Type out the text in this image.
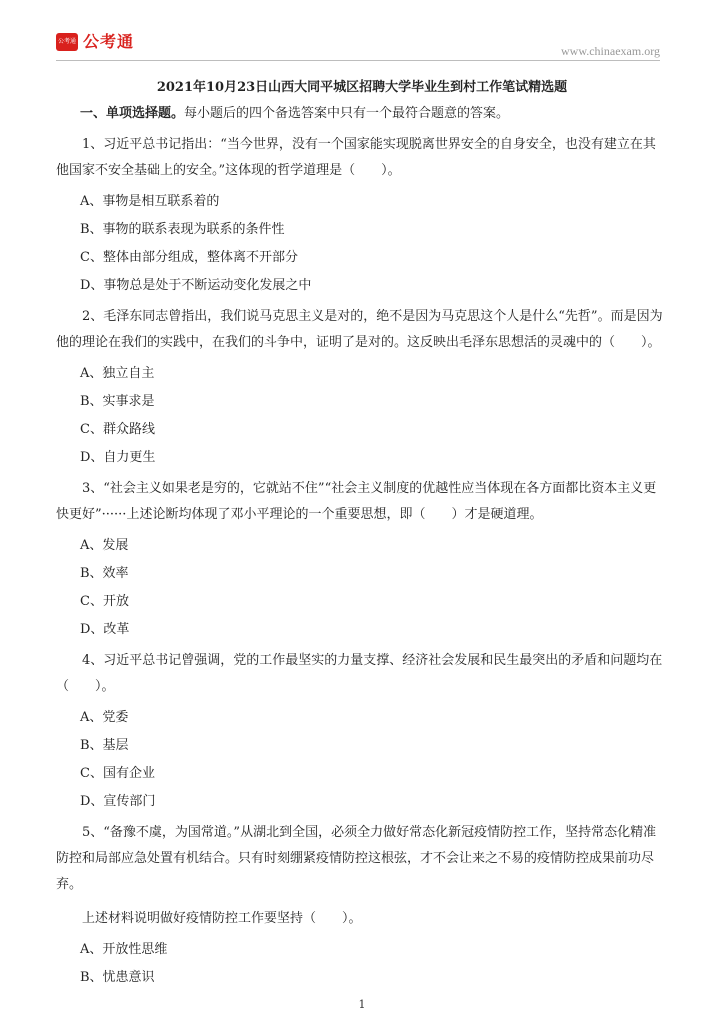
公考通 公考通	www.chinaexam.org
2021年10月23日山西大同平城区招聘大学毕业生到村工作笔试精选题
一、单项选择题。每小题后的四个备选答案中只有一个最符合题意的答案。

1、习近平总书记指出：“当今世界，没有一个国家能实现脱离世界安全的自身安全，也没有建立在其他国家不安全基础上的安全。”这体现的哲学道理是（　　）。

A、事物是相互联系着的

B、事物的联系表现为联系的条件性

C、整体由部分组成，整体离不开部分

D、事物总是处于不断运动变化发展之中

2、毛泽东同志曾指出，我们说马克思主义是对的，绝不是因为马克思这个人是什么“先哲”。而是因为他的理论在我们的实践中，在我们的斗争中，证明了是对的。这反映出毛泽东思想活的灵魂中的（　　）。

A、独立自主

B、实事求是

C、群众路线

D、自力更生

3、“社会主义如果老是穷的，它就站不住”“社会主义制度的优越性应当体现在各方面都比资本主义更快更好”······上述论断均体现了邓小平理论的一个重要思想，即（　　）才是硬道理。

A、发展

B、效率

C、开放

D、改革

4、习近平总书记曾强调，党的工作最坚实的力量支撑、经济社会发展和民生最突出的矛盾和问题均在（　　）。

A、党委

B、基层

C、国有企业

D、宣传部门

5、“备豫不虞，为国常道。”从湖北到全国，必须全力做好常态化新冠疫情防控工作，坚持常态化精准防控和局部应急处置有机结合。只有时刻绷紧疫情防控这根弦，才不会让来之不易的疫情防控成果前功尽弃。

上述材料说明做好疫情防控工作要坚持（　　）。

A、开放性思维

B、忧患意识

1
